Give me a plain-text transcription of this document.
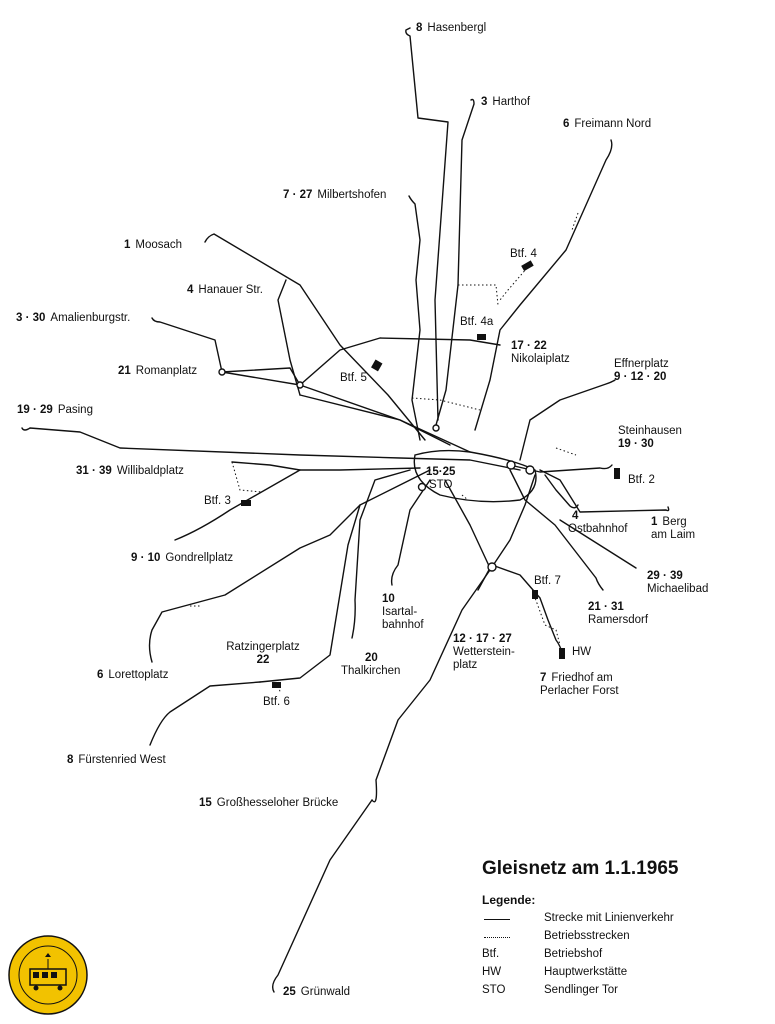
8 Hasenbergl
3 Harthof
6 Freimann Nord
7 · 27 Milbertshofen
1 Moosach
4 Hanauer Str.
3 · 30 Amalienburgstr.
21 Romanplatz
19 · 29 Pasing
31 · 39 Willibaldplatz
9 · 10 Gondrellplatz
6 Lorettoplatz
Ratzingerplatz
22
8 Fürstenried West
15 Großhesseloher Brücke
25 Grünwald
20
Thalkirchen
10
Isartal-
bahnhof
12 · 17 · 27
Wetterstein-
platz
7 Friedhof am
Perlacher Forst
21 · 31
Ramersdorf
29 · 39
Michaelibad
1 Berg
am Laim
4
Ostbahnhof
Steinhausen
19 · 30
Effnerplatz
9 · 12 · 20
17 · 22
Nikolaiplatz
15·25
STO
Btf. 4
Btf. 4a
Btf. 5
Btf. 3
Btf. 2
Btf. 7
HW
Btf. 6
Gleisnetz am 1.1.1965
Legende:
Strecke mit Linienverkehr
Betriebsstrecken
Btf.	Betriebshof
HW	Hauptwerkstätte
STO	Sendlinger Tor
